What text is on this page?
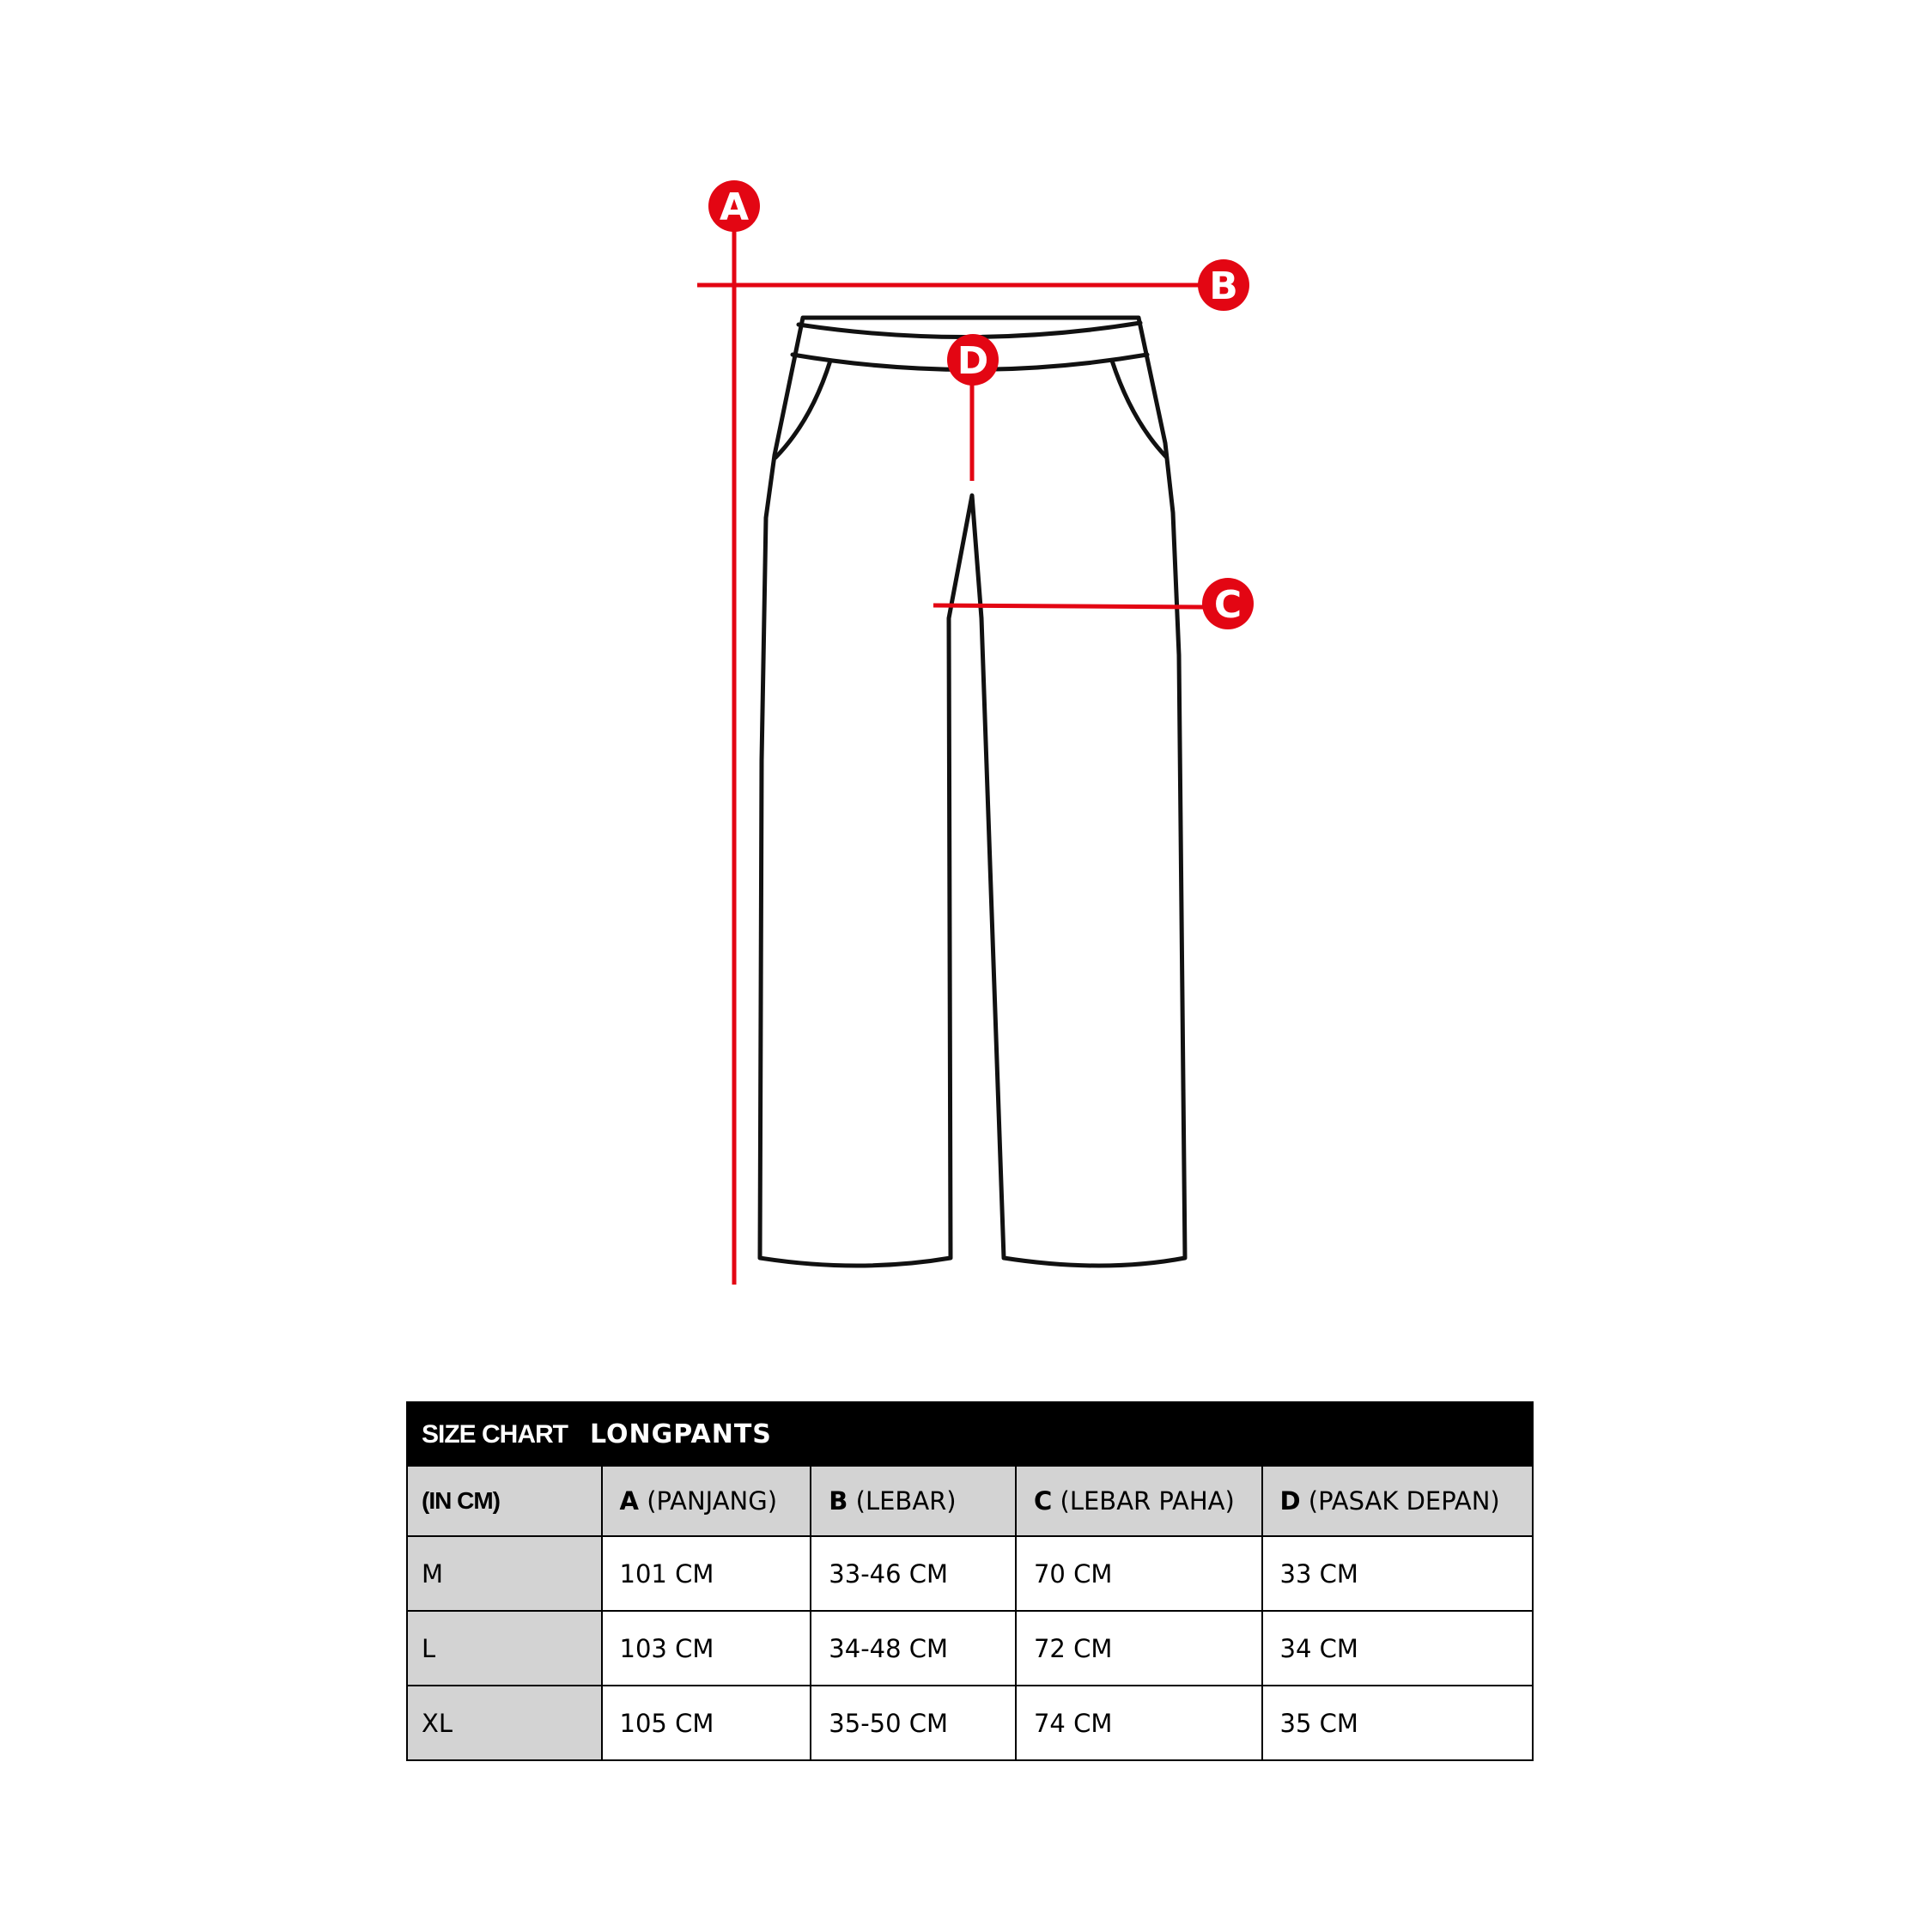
A
B
C
D
SIZE CHART LONGPANTS				
(IN CM)	A (PANJANG)	B (LEBAR)	C (LEBAR PAHA)	D (PASAK DEPAN)
M	101 CM	33-46 CM	70 CM	33 CM
L	103 CM	34-48 CM	72 CM	34 CM
XL	105 CM	35-50 CM	74 CM	35 CM
